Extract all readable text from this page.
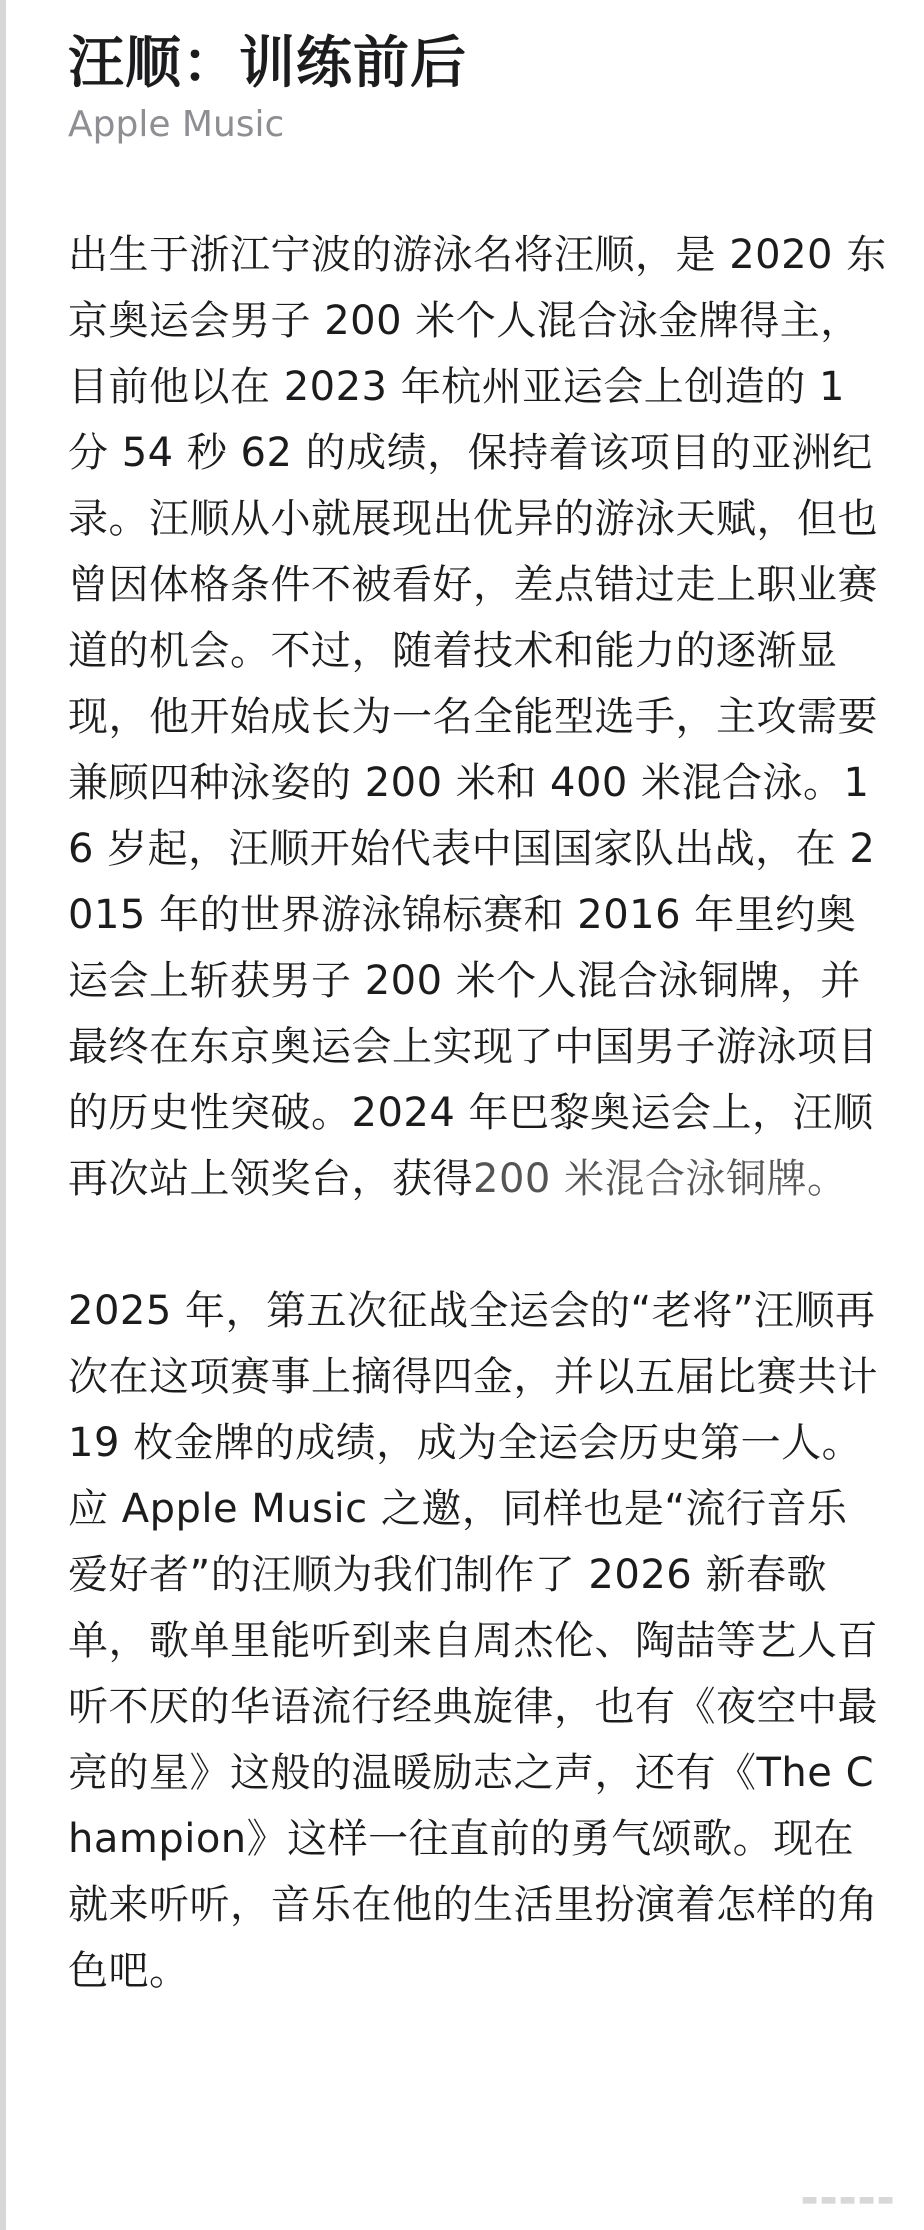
汪顺：训练前后
Apple Music

出生于浙江宁波的游泳名将汪顺，是 2020 东京奥运会男子 200 米个人混合泳金牌得主，目前他以在 2023 年杭州亚运会上创造的 1 分 54 秒 62 的成绩，保持着该项目的亚洲纪录。汪顺从小就展现出优异的游泳天赋，但也曾因体格条件不被看好，差点错过走上职业赛道的机会。不过，随着技术和能力的逐渐显现，他开始成长为一名全能型选手，主攻需要兼顾四种泳姿的 200 米和 400 米混合泳。16 岁起，汪顺开始代表中国国家队出战，在 2015 年的世界游泳锦标赛和 2016 年里约奥运会上斩获男子 200 米个人混合泳铜牌，并最终在东京奥运会上实现了中国男子游泳项目的历史性突破。2024 年巴黎奥运会上，汪顺再次站上领奖台，获得200 米混合泳铜牌。

2025 年，第五次征战全运会的“老将”汪顺再次在这项赛事上摘得四金，并以五届比赛共计 19 枚金牌的成绩，成为全运会历史第一人。应 Apple Music 之邀，同样也是“流行音乐爱好者”的汪顺为我们制作了 2026 新春歌单，歌单里能听到来自周杰伦、陶喆等艺人百听不厌的华语流行经典旋律，也有《夜空中最亮的星》这般的温暖励志之声，还有《The Champion》这样一往直前的勇气颂歌。现在就来听听，音乐在他的生活里扮演着怎样的角色吧。

▬▬▬▬▬
